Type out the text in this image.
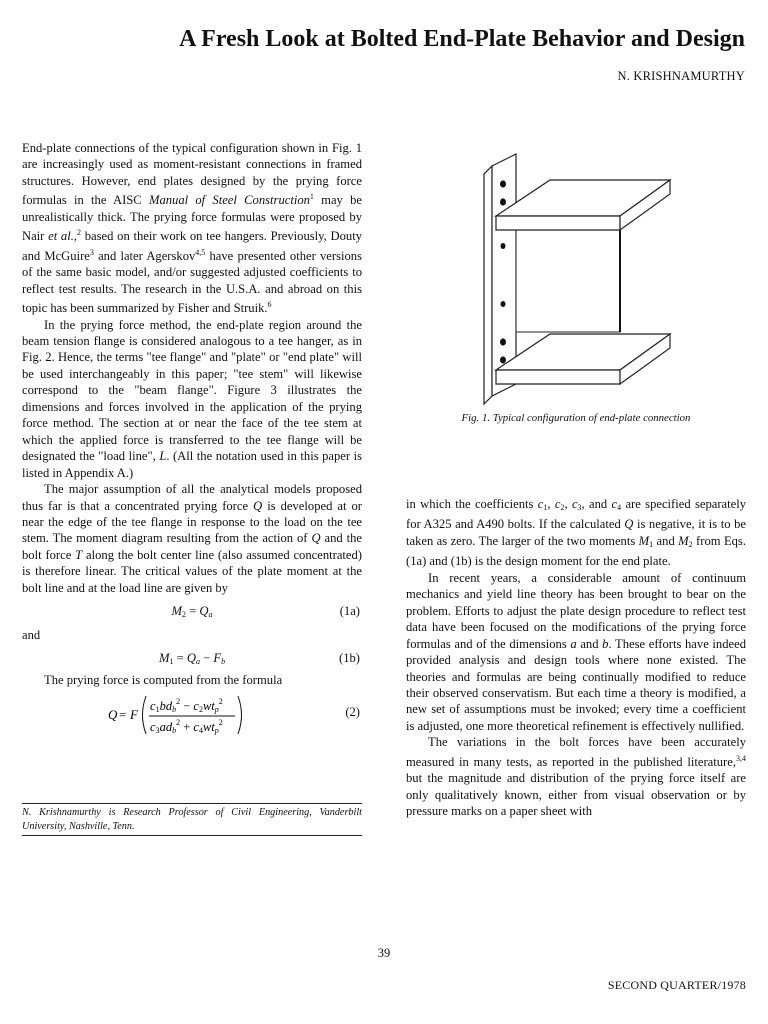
A Fresh Look at Bolted End-Plate Behavior and Design
N. KRISHNAMURTHY

End-plate connections of the typical configuration shown in Fig. 1 are increasingly used as moment-resistant connections in framed structures. However, end plates designed by the prying force formulas in the AISC Manual of Steel Construction$^1$ may be unrealistically thick. The prying force formulas were proposed by Nair et al.,$^2$ based on their work on tee hangers. Previously, Douty and McGuire$^3$ and later Agerskov$^{4,5}$ have presented other versions of the same basic model, and/or suggested adjusted coefficients to reflect test results. The research in the U.S.A. and abroad on this topic has been summarized by Fisher and Struik.$^6$

In the prying force method, the end-plate region around the beam tension flange is considered analogous to a tee hanger, as in Fig. 2. Hence, the terms "tee flange" and "plate" or "end plate" will be used interchangeably in this paper; "tee stem" will likewise correspond to the "beam flange". Figure 3 illustrates the dimensions and forces involved in the application of the prying force method. The section at or near the face of the tee stem at which the applied force is transferred to the tee flange will be designated the "load line", L. (All the notation used in this paper is listed in Appendix A.)

The major assumption of all the analytical models proposed thus far is that a concentrated prying force Q is developed at or near the edge of the tee flange in response to the load on the tee stem. The moment diagram resulting from the action of Q and the bolt force T along the bolt center line (also assumed concentrated) is therefore linear. The critical values of the plate moment at the bolt line and at the load line are given by

$M_2 = Q_a$	(1a)

and

$M_1 = Q_a - F_b$	(1b)

The prying force is computed from the formula

Q = F
c1bdb$^2$ − c2wtp$^2$
c3adb$^2$ + c4wtp$^2$
(2)
Fig. 1. Typical configuration of end-plate connection

in which the coefficients $c_1$, $c_2$, $c_3$, and $c_4$ are specified separately for A325 and A490 bolts. If the calculated Q is negative, it is to be taken as zero. The larger of the two moments $M_1$ and $M_2$ from Eqs. (1a) and (1b) is the design moment for the end plate.

In recent years, a considerable amount of continuum mechanics and yield line theory has been brought to bear on the problem. Efforts to adjust the plate design procedure to reflect test data have been focused on the modifications of the prying force formulas and of the dimensions a and b. These efforts have indeed provided analysis and design tools where none existed. The theories and formulas are being continually modified to reduce their observed conservatism. But each time a theory is modified, a new set of assumptions must be invoked; every time a coefficient is adjusted, one more theoretical refinement is effectively nullified.

The variations in the bolt forces have been accurately measured in many tests, as reported in the published literature,$^{3,4}$ but the magnitude and distribution of the prying force itself are only qualitatively known, either from visual observation or by pressure marks on a paper sheet with

N. Krishnamurthy is Research Professor of Civil Engineering, Vanderbilt University, Nashville, Tenn.
39
SECOND QUARTER/1978
